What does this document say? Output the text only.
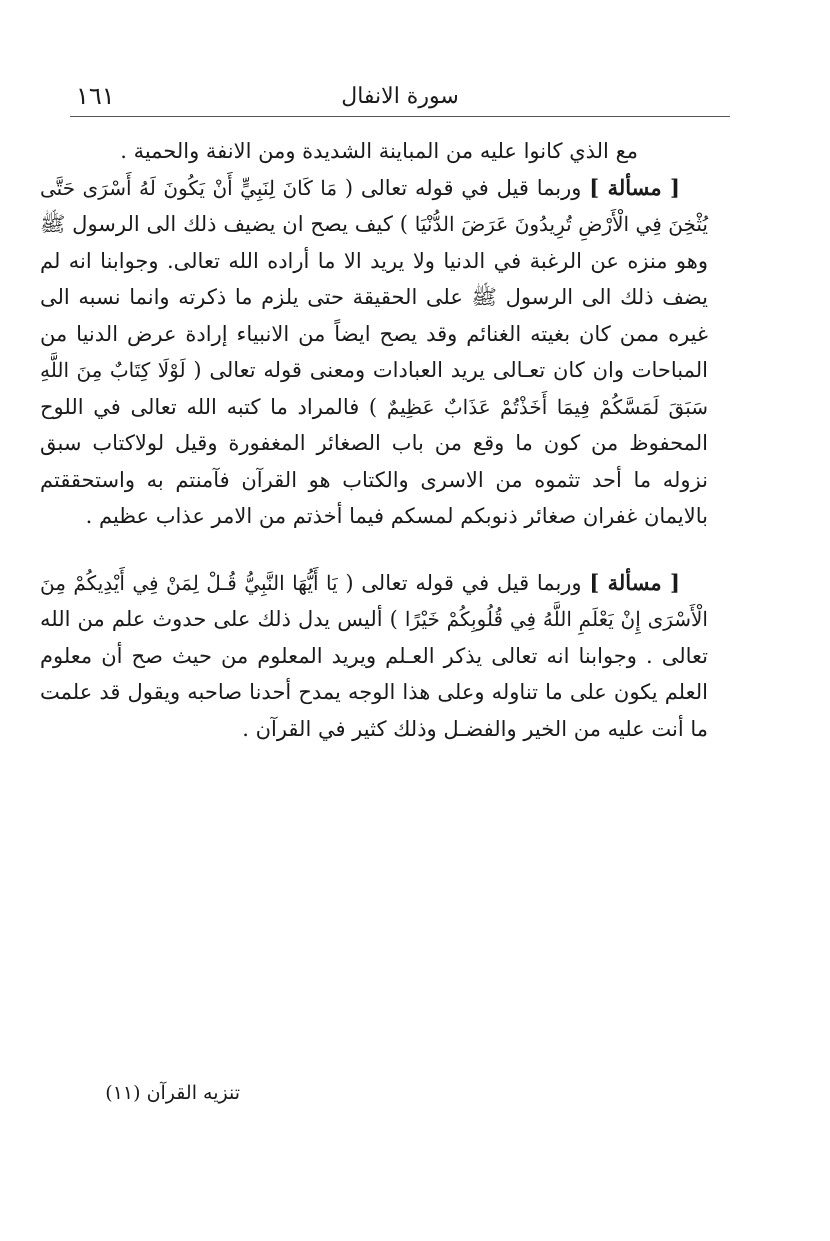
١٦١	سورة الانفال

مع الذي كانوا عليه من المباينة الشديدة ومن الانفة والحمية .

[ مسألة ] وربما قيل في قوله تعالى ( مَا كَانَ لِنَبِيٍّ أَنْ يَكُونَ لَهُ أَسْرَى حَتَّى يُثْخِنَ فِي الْأَرْضِ تُرِيدُونَ عَرَضَ الدُّنْيَا ) كيف يصح ان يضيف ذلك الى الرسول ﷺ وهو منزه عن الرغبة في الدنيا ولا يريد الا ما أراده الله تعالى. وجوابنا انه لم يضف ذلك الى الرسول ﷺ على الحقيقة حتى يلزم ما ذكرته وانما نسبه الى غيره ممن كان بغيته الغنائم وقد يصح ايضاً من الانبياء إرادة عرض الدنيا من المباحات وان كان تعـالى يريد العبادات ومعنى قوله تعالى ( لَوْلَا كِتَابٌ مِنَ اللَّهِ سَبَقَ لَمَسَّكُمْ فِيمَا أَخَذْتُمْ عَذَابٌ عَظِيمٌ ) فالمراد ما كتبه الله تعالى في اللوح المحفوظ من كون ما وقع من باب الصغائر المغفورة وقيل لولاكتاب سبق نزوله ما أحد تثموه من الاسرى والكتاب هو القرآن فآمنتم به واستحققتم بالايمان غفران صغائر ذنوبكم لمسكم فيما أخذتم من الامر عذاب عظيم .

[ مسألة ] وربما قيل في قوله تعالى ( يَا أَيُّهَا النَّبِيُّ قُـلْ لِمَنْ فِي أَيْدِيكُمْ مِنَ الْأَسْرَى إِنْ يَعْلَمِ اللَّهُ فِي قُلُوبِكُمْ خَيْرًا ) أليس يدل ذلك على حدوث علم من الله تعالى . وجوابنا انه تعالى يذكر العـلم ويريد المعلوم من حيث صح أن معلوم العلم يكون على ما تناوله وعلى هذا الوجه يمدح أحدنا صاحبه ويقول قد علمت ما أنت عليه من الخير والفضـل وذلك كثير في القرآن .

تنزيه القرآن (١١)
